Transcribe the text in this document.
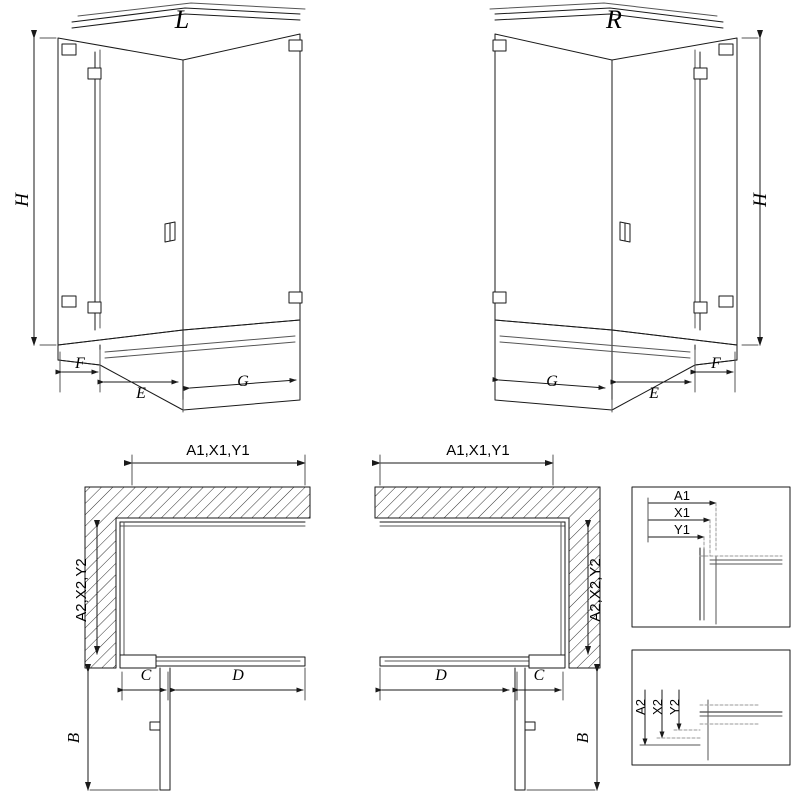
L	R
H	H
F
E
G
F
E
G
A1,X1,Y1	A1,X1,Y1
A2,X2,Y2	A2,X2,Y2
C	D	D	C
B	B
A1
X1
Y1
A2 X2 Y2
